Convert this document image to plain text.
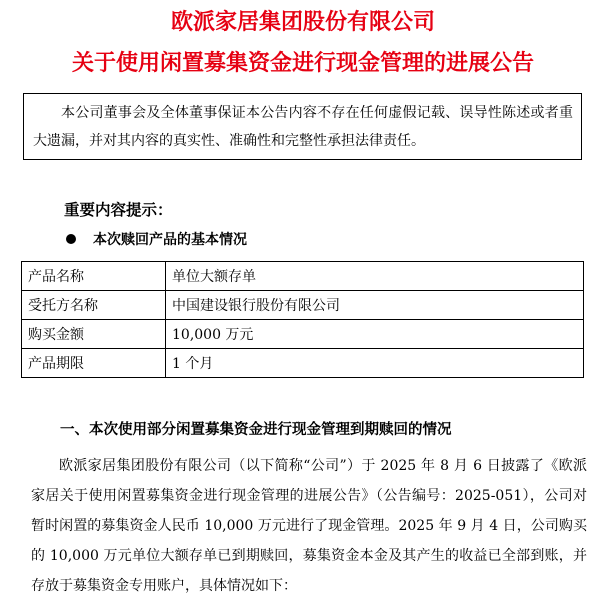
欧派家居集团股份有限公司
关于使用闲置募集资金进行现金管理的进展公告
本公司董事会及全体董事保证本公告内容不存在任何虚假记载、误导性陈述或者重大遗漏，并对其内容的真实性、准确性和完整性承担法律责任。
重要内容提示：
本次赎回产品的基本情况
产品名称	单位大额存单
受托方名称	中国建设银行股份有限公司
购买金额	10,000 万元
产品期限	1 个月
一、本次使用部分闲置募集资金进行现金管理到期赎回的情况
欧派家居集团股份有限公司（以下简称“公司”）于 2025 年 8 月 6 日披露了《欧派家居关于使用闲置募集资金进行现金管理的进展公告》（公告编号：2025-051），公司对暂时闲置的募集资金人民币 10,000 万元进行了现金管理。2025 年 9 月 4 日，公司购买的 10,000 万元单位大额存单已到期赎回，募集资金本金及其产生的收益已全部到账，并存放于募集资金专用账户，具体情况如下：
